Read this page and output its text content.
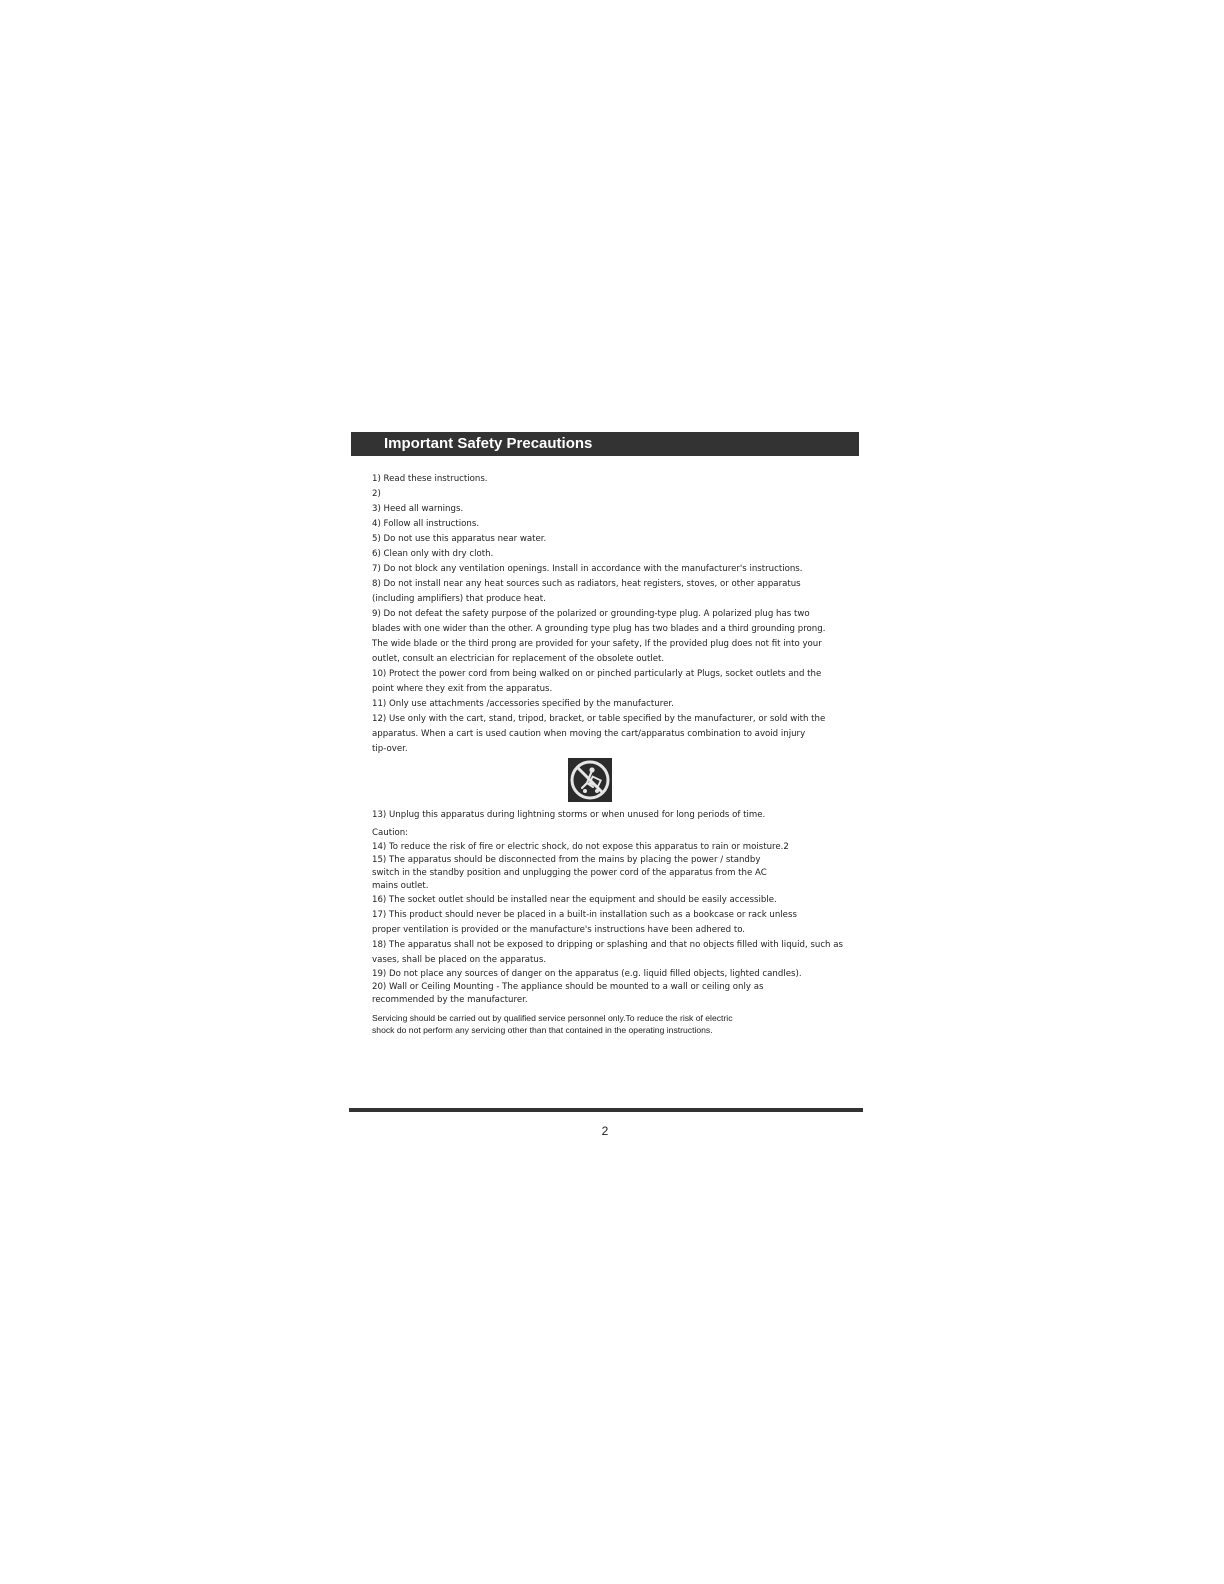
Important Safety Precautions

1) Read these instructions.

2)

3) Heed all warnings.

4) Follow all instructions.

5) Do not use this apparatus near water.

6) Clean only with dry cloth.

7) Do not block any ventilation openings. Install in accordance with the manufacturer's instructions.

8) Do not install near any heat sources such as radiators, heat registers, stoves, or other apparatus

(including amplifiers) that produce heat.

9) Do not defeat the safety purpose of the polarized or grounding-type plug. A polarized plug has two

blades with one wider than the other. A grounding type plug has two blades and a third grounding prong.

The wide blade or the third prong are provided for your safety, If the provided plug does not fit into your

outlet, consult an electrician for replacement of the obsolete outlet.

10) Protect the power cord from being walked on or pinched particularly at Plugs, socket outlets and the

point where they exit from the apparatus.

11) Only use attachments /accessories specified by the manufacturer.

12) Use only with the cart, stand, tripod, bracket, or table specified by the manufacturer, or sold with the

apparatus. When a cart is used caution when moving the cart/apparatus combination to avoid injury

tip-over.

13) Unplug this apparatus during lightning storms or when unused for long periods of time.

Caution:

14) To reduce the risk of fire or electric shock, do not expose this apparatus to rain or moisture.2

15) The apparatus should be disconnected from the mains by placing the power / standby

switch in the standby position and unplugging the power cord of the apparatus from the AC

mains outlet.

16) The socket outlet should be installed near the equipment and should be easily accessible.

17) This product should never be placed in a built-in installation such as a bookcase or rack unless

proper ventilation is provided or the manufacture's instructions have been adhered to.

18) The apparatus shall not be exposed to dripping or splashing and that no objects filled with liquid, such as

vases, shall be placed on the apparatus.

19) Do not place any sources of danger on the apparatus (e.g. liquid filled objects, lighted candles).

20) Wall or Ceiling Mounting - The appliance should be mounted to a wall or ceiling only as

recommended by the manufacturer.

Servicing should be carried out by qualified service personnel only.To reduce the risk of electric

shock do not perform any servicing other than that contained in the operating instructions.

2
